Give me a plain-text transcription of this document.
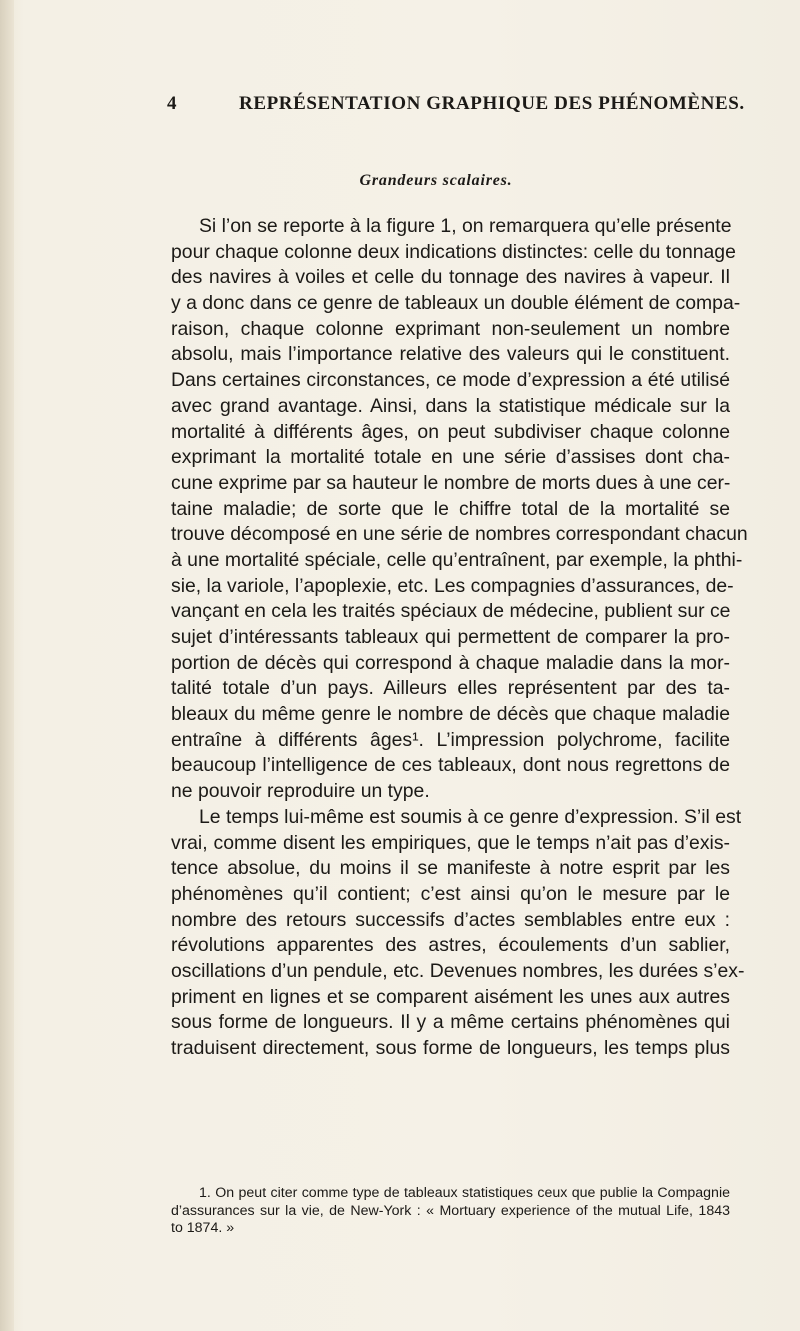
4	REPRÉSENTATION GRAPHIQUE DES PHÉNOMÈNES.
Grandeurs scalaires.
Si l’on se reporte à la figure 1, on remarquera qu’elle présente
pour chaque colonne deux indications distinctes: celle du tonnage
des navires à voiles et celle du tonnage des navires à vapeur. Il
y a donc dans ce genre de tableaux un double élément de compa-
raison, chaque colonne exprimant non-seulement un nombre
absolu, mais l’importance relative des valeurs qui le constituent.
Dans certaines circonstances, ce mode d’expression a été utilisé
avec grand avantage. Ainsi, dans la statistique médicale sur la
mortalité à différents âges, on peut subdiviser chaque colonne
exprimant la mortalité totale en une série d’assises dont cha-
cune exprime par sa hauteur le nombre de morts dues à une cer-
taine maladie; de sorte que le chiffre total de la mortalité se
trouve décomposé en une série de nombres correspondant chacun
à une mortalité spéciale, celle qu’entraînent, par exemple, la phthi-
sie, la variole, l’apoplexie, etc. Les compagnies d’assurances, de-
vançant en cela les traités spéciaux de médecine, publient sur ce
sujet d’intéressants tableaux qui permettent de comparer la pro-
portion de décès qui correspond à chaque maladie dans la mor-
talité totale d’un pays. Ailleurs elles représentent par des ta-
bleaux du même genre le nombre de décès que chaque maladie
entraîne à différents âges¹. L’impression polychrome, facilite
beaucoup l’intelligence de ces tableaux, dont nous regrettons de
ne pouvoir reproduire un type.
Le temps lui-même est soumis à ce genre d’expression. S’il est
vrai, comme disent les empiriques, que le temps n’ait pas d’exis-
tence absolue, du moins il se manifeste à notre esprit par les
phénomènes qu’il contient; c’est ainsi qu’on le mesure par le
nombre des retours successifs d’actes semblables entre eux :
révolutions apparentes des astres, écoulements d’un sablier,
oscillations d’un pendule, etc. Devenues nombres, les durées s’ex-
priment en lignes et se comparent aisément les unes aux autres
sous forme de longueurs. Il y a même certains phénomènes qui
traduisent directement, sous forme de longueurs, les temps plus
1. On peut citer comme type de tableaux statistiques ceux que publie la Compagnie
d’assurances sur la vie, de New-York : « Mortuary experience of the mutual Life, 1843
to 1874. »
